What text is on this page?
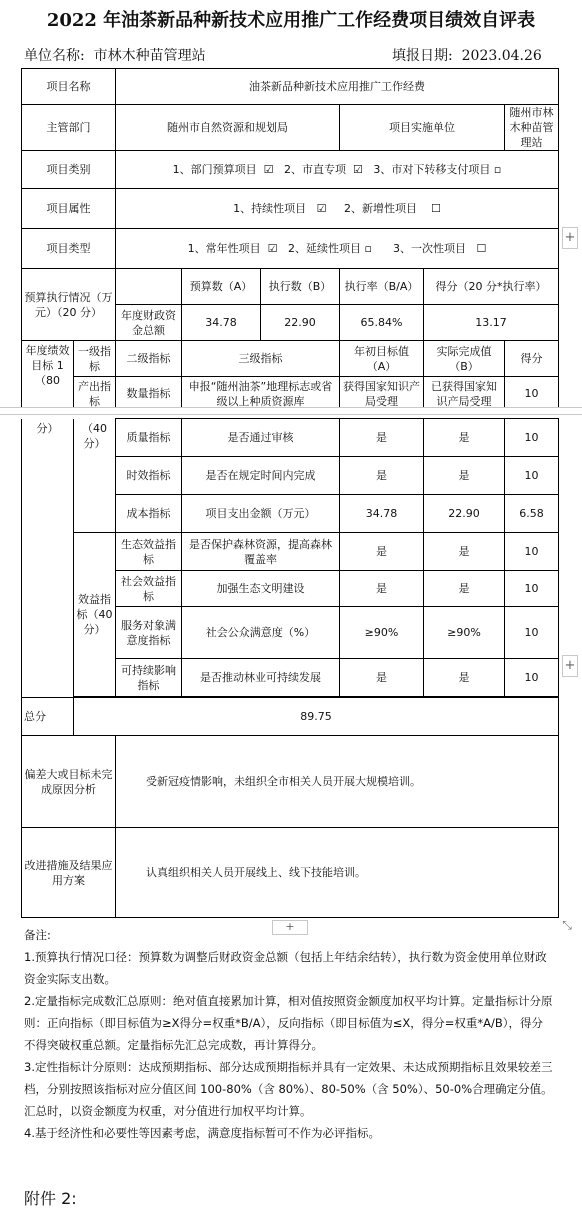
2022 年油茶新品种新技术应用推广工作经费项目绩效自评表
单位名称: 市林木种苗管理站	填报日期: 2023.04.26
项目名称		油茶新品种新技术应用推广工作经费					
主管部门		随州市自然资源和规划局			项目实施单位		随州市林木种苗管理站
项目类别		1、部门预算项目 ☑ 2、市直专项 ☑ 3、市对下转移支付项目 ▫					
项目属性		1、持续性项目 ☑ 2、新增性项目 ☐					
项目类型		1、常年性项目 ☑ 2、延续性项目 ▫ 3、一次性项目 ☐					
预算执行情况（万元）（20 分）			预算数（A）	执行数（B）	执行率（B/A）	得分（20 分*执行率）	
		年度财政资金总额	34.78	22.90	65.84%	13.17	
年度绩效目标 1（80	一级指标	二级指标	三级指标		年初目标值（A）	实际完成值（B）	得分
	产出指标	数量指标	申报“随州油茶”地理标志或省级以上种质资源库		获得国家知识产局受理	已获得国家知识产局受理	10
分）	（40 分）	质量指标	是否通过审核	是	是	10
		时效指标	是否在规定时间内完成	是	是	10
		成本指标	项目支出金额（万元）	34.78	22.90	6.58
	效益指标（40 分）	生态效益指标	是否保护森林资源，提高森林覆盖率	是	是	10
		社会效益指标	加强生态文明建设	是	是	10
		服务对象满意度指标	社会公众满意度（%）	≥90%	≥90%	10
		可持续影响指标	是否推动林业可持续发展	是	是	10

总分	89.75					
偏差大或目标未完成原因分析		受新冠疫情影响，未组织全市相关人员开展大规模培训。				
改进措施及结果应用方案		认真组织相关人员开展线上、线下技能培训。				
+
+
+	⤡

备注:

1.预算执行情况口径：预算数为调整后财政资金总额（包括上年结余结转），执行数为资金使用单位财政资金实际支出数。

2.定量指标完成数汇总原则：绝对值直接累加计算，相对值按照资金额度加权平均计算。定量指标计分原则：正向指标（即目标值为≥X得分=权重*B/A），反向指标（即目标值为≤X，得分=权重*A/B），得分不得突破权重总额。定量指标先汇总完成数，再计算得分。

3.定性指标计分原则：达成预期指标、部分达成预期指标并具有一定效果、未达成预期指标且效果较差三档，分别按照该指标对应分值区间 100-80%（含 80%）、80-50%（含 50%）、50-0%合理确定分值。汇总时，以资金额度为权重，对分值进行加权平均计算。

4.基于经济性和必要性等因素考虑，满意度指标暂可不作为必评指标。

附件 2:
